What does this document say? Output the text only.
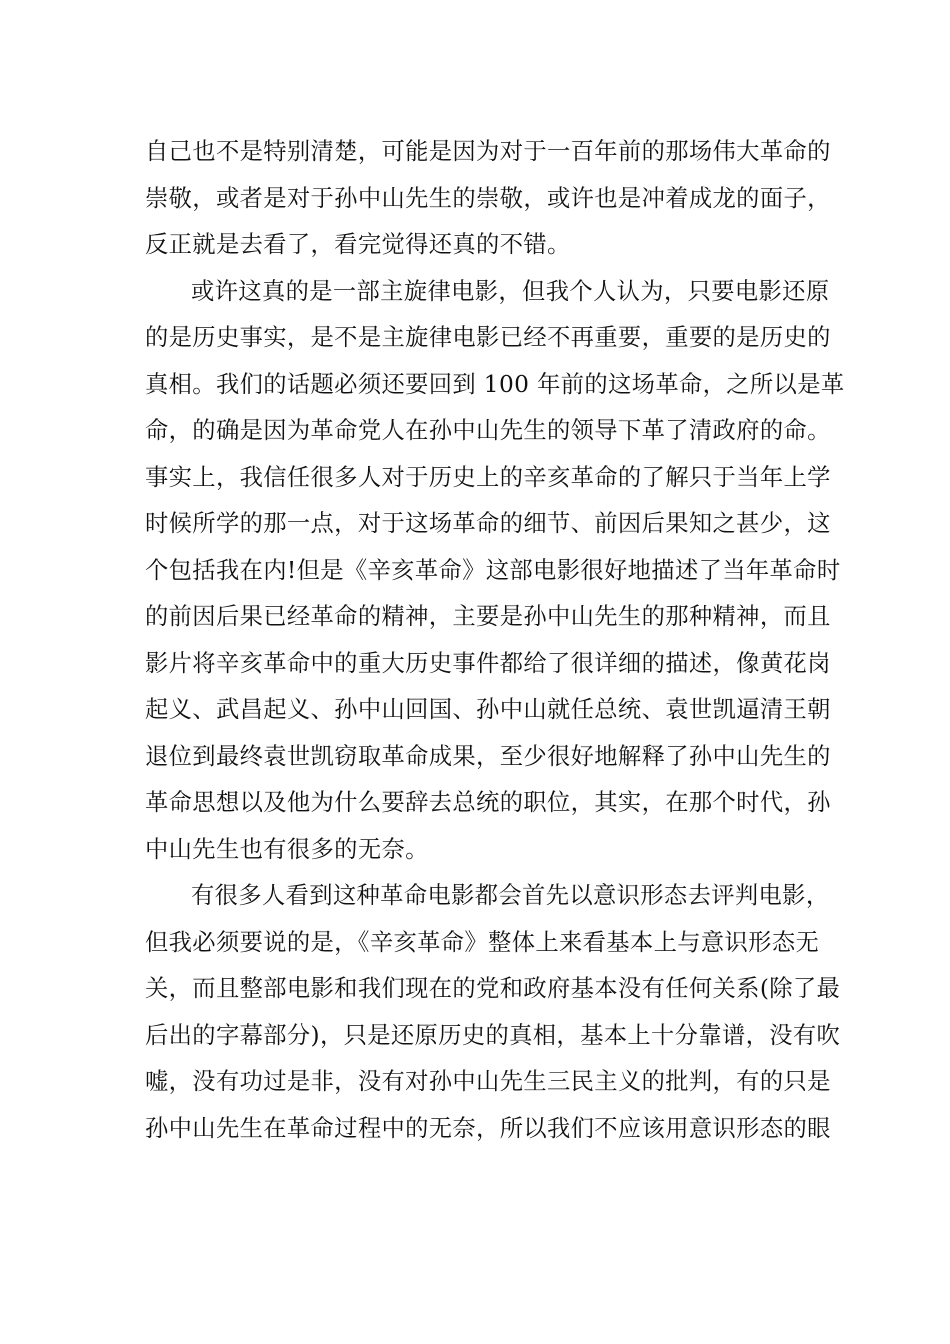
自己也不是特别清楚，可能是因为对于一百年前的那场伟大革命的
崇敬，或者是对于孙中山先生的崇敬，或许也是冲着成龙的面子，
反正就是去看了，看完觉得还真的不错。
或许这真的是一部主旋律电影，但我个人认为，只要电影还原
的是历史事实，是不是主旋律电影已经不再重要，重要的是历史的
真相。我们的话题必须还要回到 100 年前的这场革命，之所以是革
命，的确是因为革命党人在孙中山先生的领导下革了清政府的命。
事实上，我信任很多人对于历史上的辛亥革命的了解只于当年上学
时候所学的那一点，对于这场革命的细节、前因后果知之甚少，这
个包括我在内!但是《辛亥革命》这部电影很好地描述了当年革命时
的前因后果已经革命的精神，主要是孙中山先生的那种精神，而且
影片将辛亥革命中的重大历史事件都给了很详细的描述，像黄花岗
起义、武昌起义、孙中山回国、孙中山就任总统、袁世凯逼清王朝
退位到最终袁世凯窃取革命成果，至少很好地解释了孙中山先生的
革命思想以及他为什么要辞去总统的职位，其实，在那个时代，孙
中山先生也有很多的无奈。
有很多人看到这种革命电影都会首先以意识形态去评判电影，
但我必须要说的是，《辛亥革命》整体上来看基本上与意识形态无
关，而且整部电影和我们现在的党和政府基本没有任何关系(除了最
后出的字幕部分)，只是还原历史的真相，基本上十分靠谱，没有吹
嘘，没有功过是非，没有对孙中山先生三民主义的批判，有的只是
孙中山先生在革命过程中的无奈，所以我们不应该用意识形态的眼
